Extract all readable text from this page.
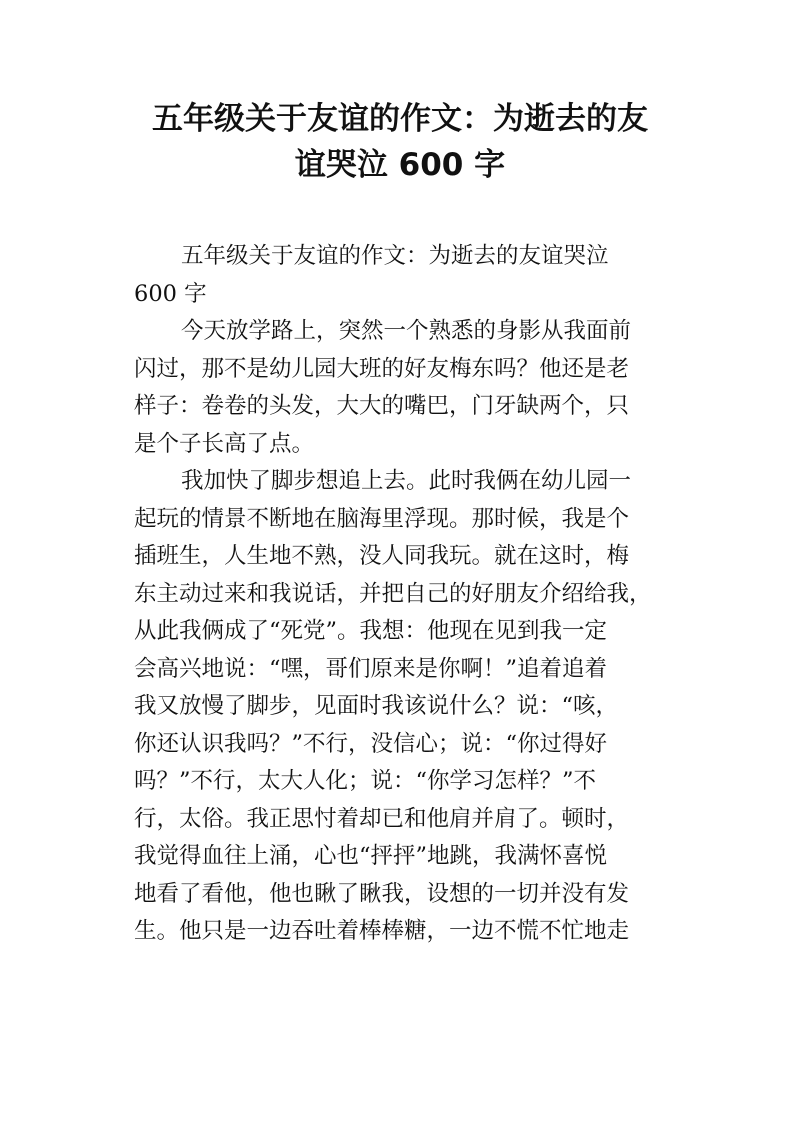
五年级关于友谊的作文：为逝去的友
谊哭泣 600 字
五年级关于友谊的作文：为逝去的友谊哭泣
600 字
今天放学路上，突然一个熟悉的身影从我面前
闪过，那不是幼儿园大班的好友梅东吗？他还是老
样子：卷卷的头发，大大的嘴巴，门牙缺两个，只
是个子长高了点。
我加快了脚步想追上去。此时我俩在幼儿园一
起玩的情景不断地在脑海里浮现。那时候，我是个
插班生，人生地不熟，没人同我玩。就在这时，梅
东主动过来和我说话，并把自己的好朋友介绍给我，
从此我俩成了“死党”。我想：他现在见到我一定
会高兴地说：“嘿，哥们原来是你啊！”追着追着
我又放慢了脚步，见面时我该说什么？说：“咳，
你还认识我吗？”不行，没信心；说：“你过得好
吗？”不行，太大人化；说：“你学习怎样？”不
行，太俗。我正思忖着却已和他肩并肩了。顿时，
我觉得血往上涌，心也“抨抨”地跳，我满怀喜悦
地看了看他，他也瞅了瞅我，设想的一切并没有发
生。他只是一边吞吐着棒棒糖，一边不慌不忙地走
